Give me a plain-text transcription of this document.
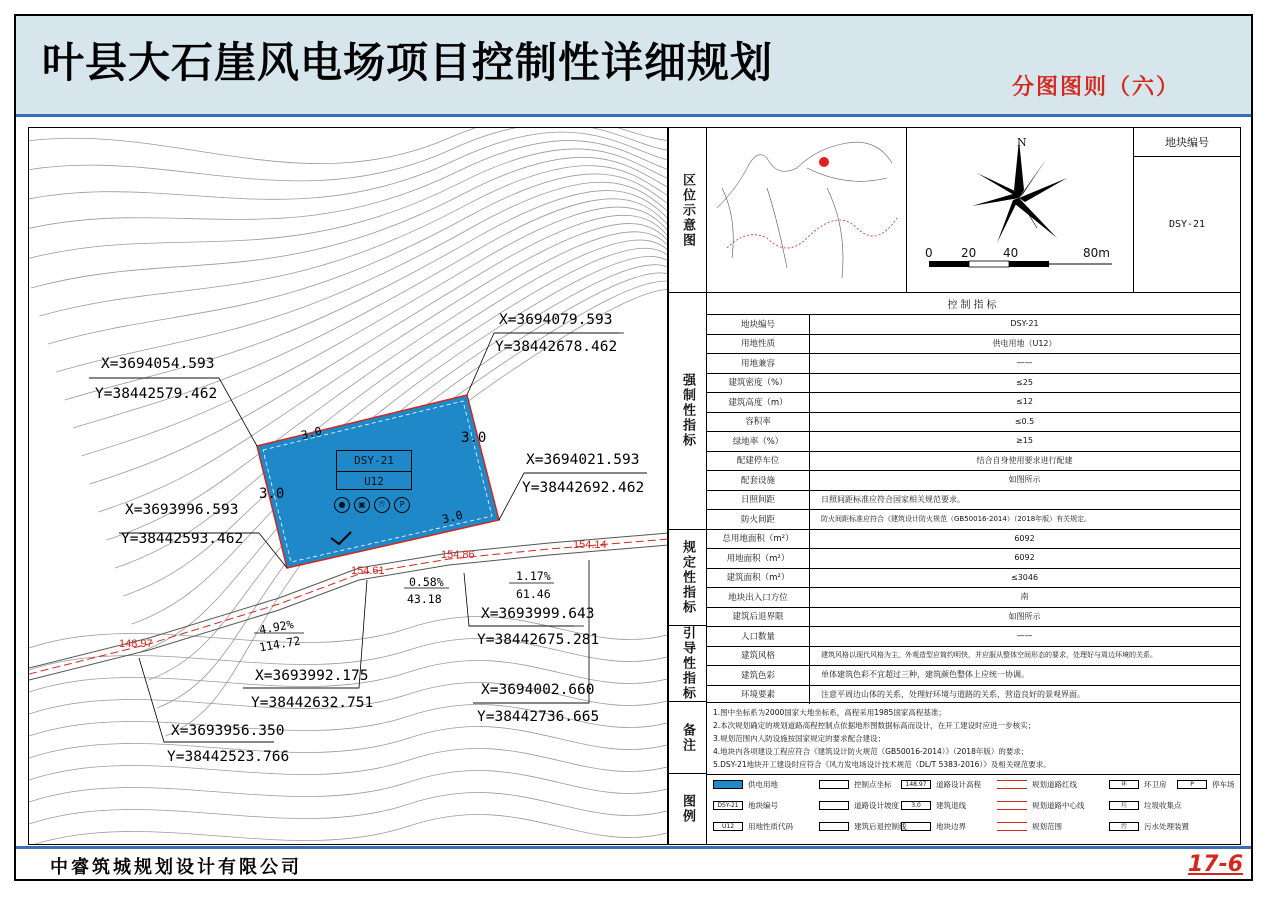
叶县大石崖风电场项目控制性详细规划	分图图则（六）
中睿筑城规划设计有限公司	17-6
DSY-21
U12
●	▣	污	P
3.0	3.0
3.0
3.0
X=3694079.593
Y=38442678.462
X=3694054.593
Y=38442579.462
X=3694021.593
Y=38442692.462
X=3693996.593
Y=38442593.462
X=3693999.643
Y=38442675.281
X=3693992.175
Y=38442632.751
X=3694002.660
Y=38442736.665
X=3693956.350
Y=38442523.766
154.86
154.14
154.61
148.97
0.58%
43.18
1.17%
61.46
4.92%
114.72
区位示意图
N
0 20 40	80m
地块编号
DSY-21
控制指标
地块编号	DSY-21
用地性质	供电用地（U12）
用地兼容	——
建筑密度（%）	≤25
建筑高度（m）	≤12
容积率	≤0.5
绿地率（%）	≥15
配建停车位	结合自身使用要求进行配建
配套设施	如图所示
日照间距	日照间距标准应符合国家相关规范要求。
防火间距	防火间距标准应符合《建筑设计防火规范（GB50016-2014）（2018年版）有关规定。
总用地面积（m²）	6092
用地面积（m²）	6092
建筑面积（m²）	≤3046
地块出入口方位	南
建筑后退界限	如图所示
人口数量	——
建筑风格	建筑风格以现代风格为主，外观造型应简约明快，并应服从整体空间形态的要求，处理好与周边环境的关系。
建筑色彩	单体建筑色彩不宜超过三种，建筑颜色整体上应统一协调。
环境要素	注意平周边山体的关系，处理好环境与道路的关系，营造良好的景观界面。
强制性指标
规定性指标
引导性指标
备注
图例
1.图中坐标系为2000国家大地坐标系，高程采用1985国家高程基准；
2.本次规划确定的规划道路高程控制点依据地形图数据标高而设计，在开工建设时应进一步核实；
3.规划范围内人防设施按国家规定的要求配合建设；
4.地块内各项建设工程应符合《建筑设计防火规范（GB50016-2014）》（2018年版）的要求；
5.DSY-21地块开工建设时应符合《风力发电场设计技术规范（DL/T 5383-2016）》及相关规范要求。
供电用地	控制点坐标	148.97	道路设计高程	规划道路红线	环	环卫房	P	停车场
DSY-21	地块编号	道路设计坡度	3.0	建筑退线	规划道路中心线	垃	垃圾收集点
U12	用地性质代码	建筑后退控制线	地块边界	规划范围	污	污水处理装置
